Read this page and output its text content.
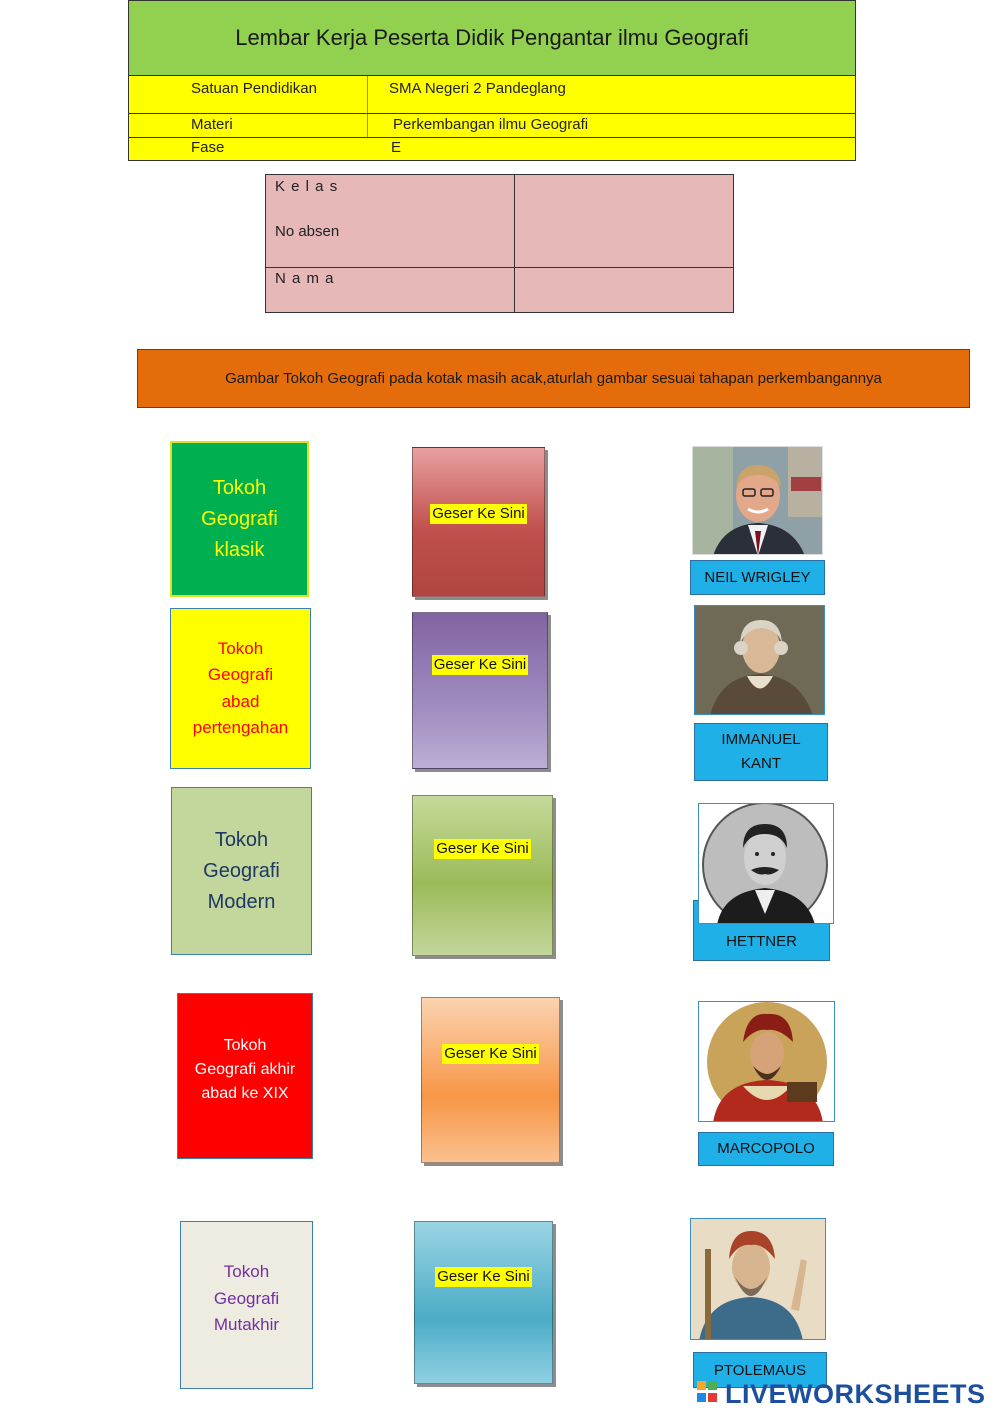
Lembar Kerja Peserta Didik Pengantar ilmu Geografi
Satuan Pendidikan	SMA Negeri 2 Pandeglang
Materi	Perkembangan ilmu Geografi
Fase	E
K e l a s
No absen
N a m a
Gambar Tokoh Geografi pada kotak masih acak,aturlah gambar sesuai tahapan perkembangannya
Tokoh
Geografi
klasik
Tokoh
Geografi
abad
pertengahan
Tokoh
Geografi
Modern
Tokoh
Geografi akhir
abad ke XIX
Tokoh
Geografi
Mutakhir
Geser Ke Sini
Geser Ke Sini
Geser Ke Sini
Geser Ke Sini
Geser Ke Sini
NEIL WRIGLEY
IMMANUEL
KANT
HETTNER
MARCOPOLO
PTOLEMAUS
LIVEWORKSHEETS
